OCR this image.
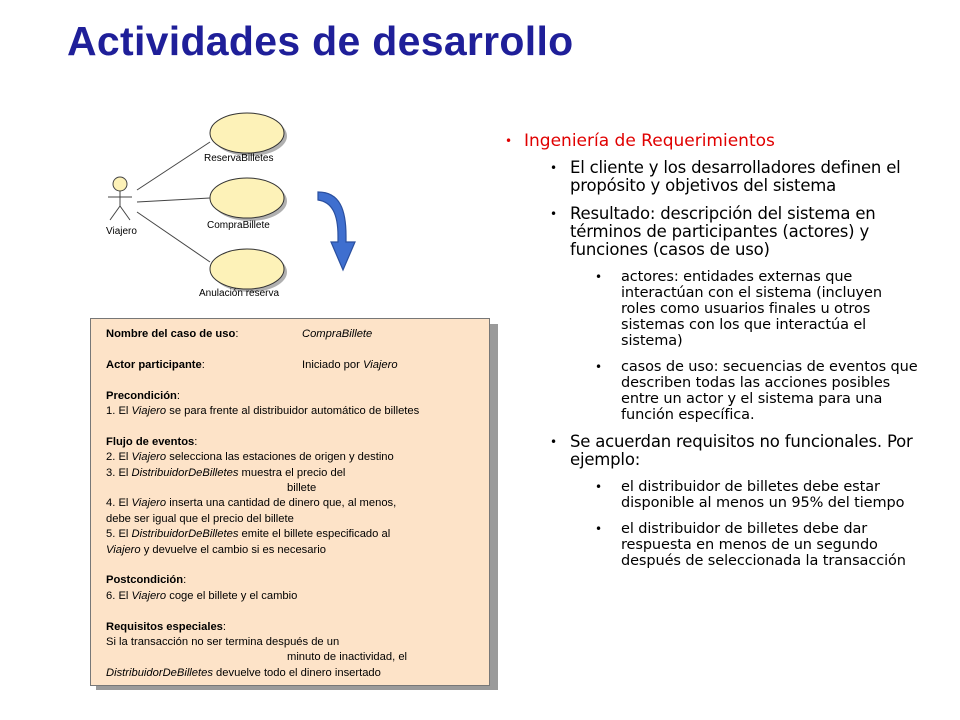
Actividades de desarrollo
Viajero
ReservaBilletes
CompraBillete
Anulación reserva
Nombre del caso de uso:	CompraBillete
Actor participante:	Iniciado por Viajero
Precondición:
1. El Viajero se para frente al distribuidor automático de billetes
Flujo de eventos:
2. El Viajero selecciona las estaciones de origen y destino
3. El DistribuidorDeBilletes muestra el precio del
billete
4. El Viajero inserta una cantidad de dinero que, al menos,
debe ser igual que el precio del billete
5. El DistribuidorDeBilletes emite el billete especificado al
Viajero y devuelve el cambio si es necesario
Postcondición:
6. El Viajero coge el billete y el cambio
Requisitos especiales:
Si la transacción no ser termina después de un
minuto de inactividad, el
DistribuidorDeBilletes devuelve todo el dinero insertado
• Ingeniería de Requerimientos
• El cliente y los desarrolladores definen el propósito y objetivos del sistema
• Resultado: descripción del sistema en términos de participantes (actores) y funciones (casos de uso)
• actores: entidades externas que interactúan con el sistema (incluyen roles como usuarios finales u otros sistemas con los que interactúa el sistema)
• casos de uso: secuencias de eventos que describen todas las acciones posibles entre un actor y el sistema para una función específica.
• Se acuerdan requisitos no funcionales. Por ejemplo:
• el distribuidor de billetes debe estar disponible al menos un 95% del tiempo
• el distribuidor de billetes debe dar respuesta en menos de un segundo después de seleccionada la transacción
